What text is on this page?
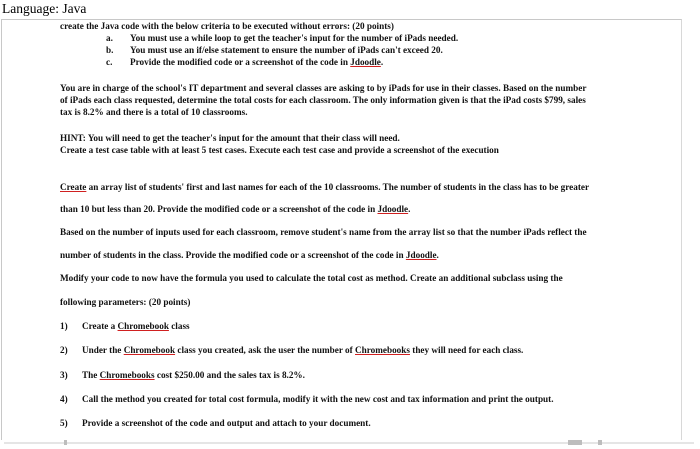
Language: Java
create the Java code with the below criteria to be executed without errors: (20 points)
a. You must use a while loop to get the teacher's input for the number of iPads needed.
b. You must use an if/else statement to ensure the number of iPads can't exceed 20.
c. Provide the modified code or a screenshot of the code in Jdoodle.
You are in charge of the school's IT department and several classes are asking to by iPads for use in their classes. Based on the number
of iPads each class requested, determine the total costs for each classroom. The only information given is that the iPad costs $799, sales
tax is 8.2% and there is a total of 10 classrooms.
HINT: You will need to get the teacher's input for the amount that their class will need.
Create a test case table with at least 5 test cases. Execute each test case and provide a screenshot of the execution
Create an array list of students' first and last names for each of the 10 classrooms. The number of students in the class has to be greater
than 10 but less than 20. Provide the modified code or a screenshot of the code in Jdoodle.
Based on the number of inputs used for each classroom, remove student's name from the array list so that the number iPads reflect the
number of students in the class. Provide the modified code or a screenshot of the code in Jdoodle.
Modify your code to now have the formula you used to calculate the total cost as method. Create an additional subclass using the
following parameters: (20 points)
1) Create a Chromebook class
2) Under the Chromebook class you created, ask the user the number of Chromebooks they will need for each class.
3) The Chromebooks cost $250.00 and the sales tax is 8.2%.
4) Call the method you created for total cost formula, modify it with the new cost and tax information and print the output.
5) Provide a screenshot of the code and output and attach to your document.
